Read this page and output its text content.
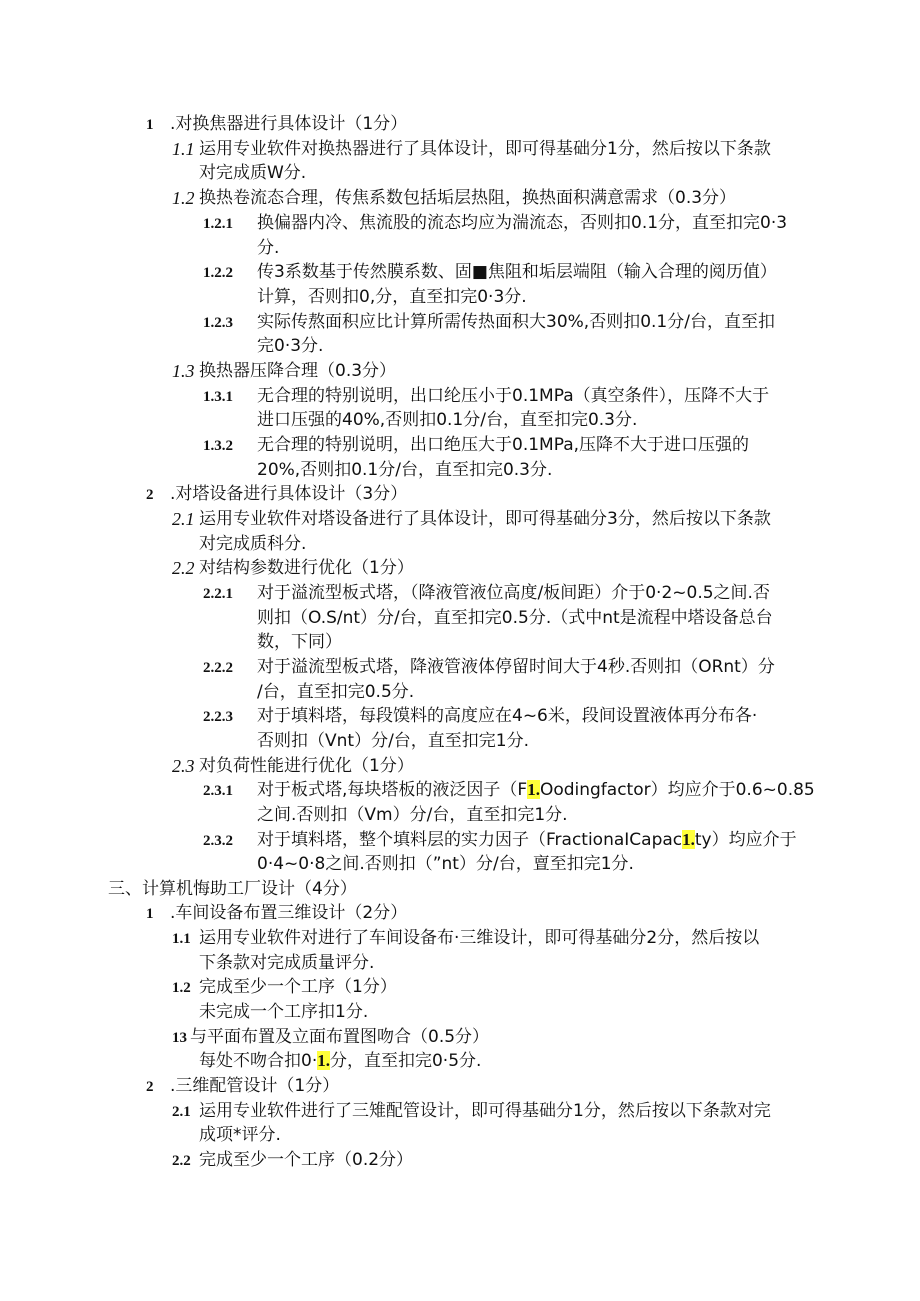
1 .对换焦器进行具体设计（1分）
1.1 运用专业软件对换热器进行了具体设计，即可得基础分1分，然后按以下条款
对完成质W分.
1.2 换热卷流态合理，传焦系数包括垢层热阻，换热面积满意需求（0.3分）
1.2.1 换偏器内冷、焦流股的流态均应为湍流态，否则扣0.1分，直至扣完0·3
分.
1.2.2 传3系数基于传然膜系数、固■焦阻和垢层端阻（输入合理的阅历值）
计算，否则扣0,分，直至扣完0·3分.
1.2.3 实际传熬面积应比计算所需传热面积大30%,否则扣0.1分/台，直至扣
完0·3分.
1.3 换热器压降合理（0.3分）
1.3.1 无合理的特别说明，出口纶压小于0.1MPa（真空条件），压降不大于
进口压强的40%,否则扣0.1分/台，直至扣完0.3分.
1.3.2 无合理的特别说明，出口绝压大于0.1MPa,压降不大于进口压强的
20%,否则扣0.1分/台，直至扣完0.3分.
2 .对塔设备进行具体设计（3分）
2.1 运用专业软件对塔设备进行了具体设计，即可得基础分3分，然后按以下条款
对完成质科分.
2.2 对结构参数进行优化（1分）
2.2.1 对于溢流型板式塔，（降液管液位高度/板间距）介于0·2~0.5之间.否
则扣（O.S/nt）分/台，直至扣完0.5分.（式中nt是流程中塔设备总台
数，下同）
2.2.2 对于溢流型板式塔，降液管液体停留时间大于4秒.否则扣（ORnt）分
/台，直至扣完0.5分.
2.2.3 对于填料塔，每段馍料的高度应在4~6米，段间设置液体再分布各·
否则扣（Vnt）分/台，直至扣完1分.
2.3 对负荷性能进行优化（1分）
2.3.1 对于板式塔,每块塔板的液泛因子（F1.Oodingfactor）均应介于0.6~0.85
之间.否则扣（Vm）分/台，直至扣完1分.
2.3.2 对于填料塔，整个填料层的实力因子（FractionaICapac1.ty）均应介于
0·4~0·8之间.否则扣（”nt）分/台，亶至扣完1分.
三、计算机悔助工厂设计（4分）
1 .车间设备布置三维设计（2分）
1.1 运用专业软件对进行了车间设备布·三维设计，即可得基础分2分，然后按以
下条款对完成质量评分.
1.2 完成至少一个工序（1分）
未完成一个工序扣1分.
13 与平面布置及立面布置图吻合（0.5分）
每处不吻合扣0·1.分，直至扣完0·5分.
2 .三维配管设计（1分）
2.1 运用专业软件进行了三雉配管设计，即可得基础分1分，然后按以下条款对完
成项*评分.
2.2 完成至少一个工序（0.2分）
